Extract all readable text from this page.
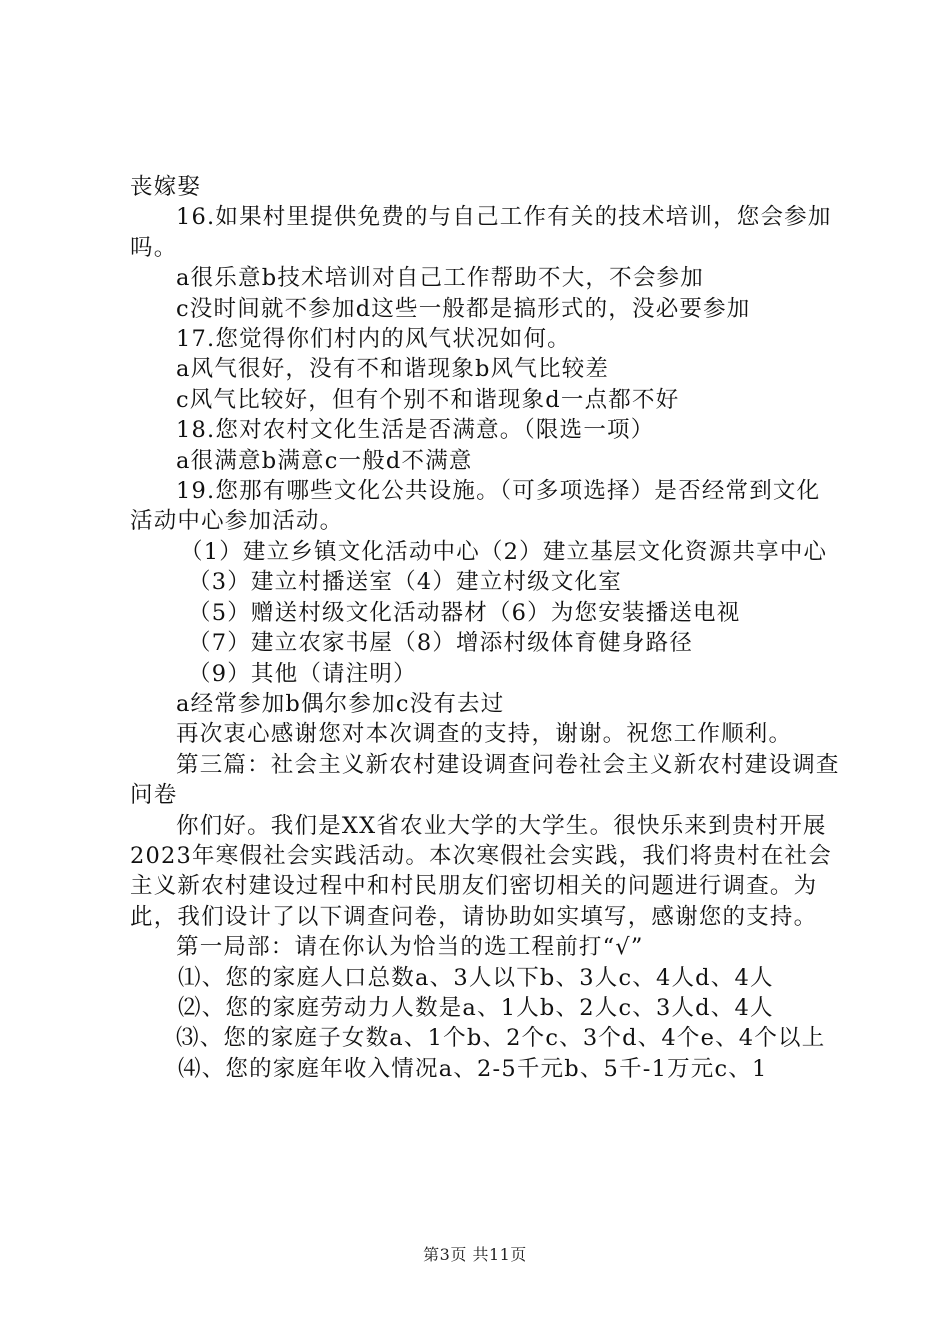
丧嫁娶

16.如果村里提供免费的与自己工作有关的技术培训，您会参加吗。

a很乐意b技术培训对自己工作帮助不大，不会参加

c没时间就不参加d这些一般都是搞形式的，没必要参加

17.您觉得你们村内的风气状况如何。

a风气很好，没有不和谐现象b风气比较差

c风气比较好，但有个别不和谐现象d一点都不好

18.您对农村文化生活是否满意。（限选一项）

a很满意b满意c一般d不满意

19.您那有哪些文化公共设施。（可多项选择）是否经常到文化活动中心参加活动。

（1）建立乡镇文化活动中心（2）建立基层文化资源共享中心

（3）建立村播送室（4）建立村级文化室

（5）赠送村级文化活动器材（6）为您安装播送电视

（7）建立农家书屋（8）增添村级体育健身路径

（9）其他（请注明）

a经常参加b偶尔参加c没有去过

再次衷心感谢您对本次调查的支持，谢谢。祝您工作顺利。

第三篇：社会主义新农村建设调查问卷社会主义新农村建设调查问卷

你们好。我们是XX省农业大学的大学生。很快乐来到贵村开展2023年寒假社会实践活动。本次寒假社会实践，我们将贵村在社会主义新农村建设过程中和村民朋友们密切相关的问题进行调查。为此，我们设计了以下调查问卷，请协助如实填写，感谢您的支持。

第一局部：请在你认为恰当的选工程前打“√”

⑴、您的家庭人口总数a、3人以下b、3人c、4人d、4人

⑵、您的家庭劳动力人数是a、1人b、2人c、3人d、4人

⑶、您的家庭子女数a、1个b、2个c、3个d、4个e、4个以上

⑷、您的家庭年收入情况a、2-5千元b、5千-1万元c、1

第3页 共11页
